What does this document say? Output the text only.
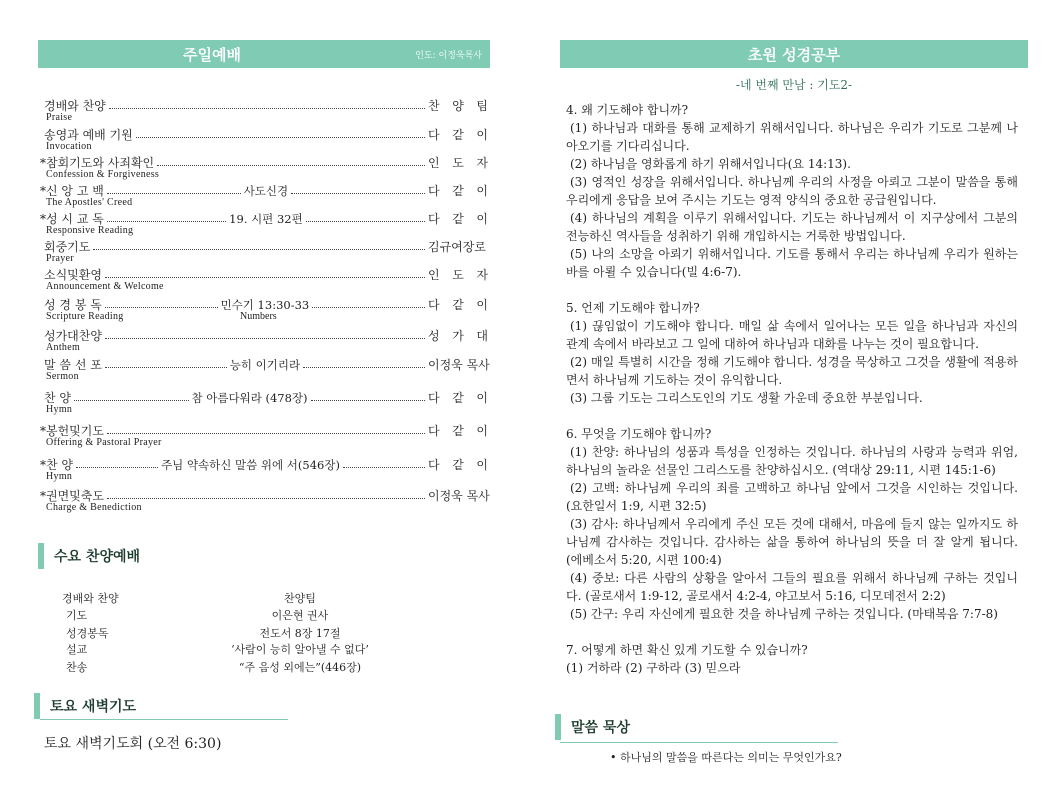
주일예배	인도: 이정욱목사
경배와 찬양	찬 양 팀
Praise
송영과 예배 기원	다 같 이
Invocation
*참회기도와 사죄확인	인 도 자
Confession & Forgiveness
*신 앙 고 백	사도신경	다 같 이
The Apostles' Creed
*성 시 교 독	19. 시편 32편	다 같 이
Responsive Reading
회중기도	김규여장로
Prayer
소식및환영	인 도 자
Announcement & Welcome
성 경 봉 독	민수기 13:30-33	다 같 이
Scripture Reading	Numbers
성가대찬양	성 가 대
Anthem
말 씀 선 포	능히 이기리라	이정욱 목사
Sermon
찬 양	참 아름다워라 (478장)	다 같 이
Hymn
*봉헌및기도	다 같 이
Offering & Pastoral Prayer
*찬 양	주님 약속하신 말씀 위에 서(546장)	다 같 이
Hymn
*권면및축도	이정욱 목사
Charge & Benediction
수요 찬양예배
경배와 찬양	찬양팀
기도	이은현 권사
성경봉독	전도서 8장 17절
설교	‘사람이 능히 알아낼 수 없다’
찬송	“주 음성 외에는”(446장)
토요 새벽기도
토요 새벽기도회 (오전 6:30)
초원 성경공부
-네 번째 만남 : 기도2-

4. 왜 기도해야 합니까?

(1) 하나님과 대화를 통해 교제하기 위해서입니다. 하나님은 우리가 기도로 그분께 나아오기를 기다리십니다.

(2) 하나님을 영화롭게 하기 위해서입니다(요 14:13).

(3) 영적인 성장을 위해서입니다. 하나님께 우리의 사정을 아뢰고 그분이 말씀을 통해 우리에게 응답을 보여 주시는 기도는 영적 양식의 중요한 공급원입니다.

(4) 하나님의 계획을 이루기 위해서입니다. 기도는 하나님께서 이 지구상에서 그분의 전능하신 역사들을 성취하기 위해 개입하시는 거룩한 방법입니다.

(5) 나의 소망을 아뢰기 위해서입니다. 기도를 통해서 우리는 하나님께 우리가 원하는 바를 아뢸 수 있습니다(빌 4:6-7).

5. 언제 기도해야 합니까?

(1) 끊임없이 기도해야 합니다. 매일 삶 속에서 일어나는 모든 일을 하나님과 자신의 관계 속에서 바라보고 그 일에 대하여 하나님과 대화를 나누는 것이 필요합니다.

(2) 매일 특별히 시간을 정해 기도해야 합니다. 성경을 묵상하고 그것을 생활에 적용하면서 하나님께 기도하는 것이 유익합니다.

(3) 그룹 기도는 그리스도인의 기도 생활 가운데 중요한 부분입니다.

6. 무엇을 기도해야 합니까?

(1) 찬양: 하나님의 성품과 특성을 인정하는 것입니다. 하나님의 사랑과 능력과 위엄, 하나님의 놀라운 선물인 그리스도를 찬양하십시오. (역대상 29:11, 시편 145:1-6)

(2) 고백: 하나님께 우리의 죄를 고백하고 하나님 앞에서 그것을 시인하는 것입니다. (요한일서 1:9, 시편 32:5)

(3) 감사: 하나님께서 우리에게 주신 모든 것에 대해서, 마음에 들지 않는 일까지도 하나님께 감사하는 것입니다. 감사하는 삶을 통하여 하나님의 뜻을 더 잘 알게 됩니다. (에베소서 5:20, 시편 100:4)

(4) 중보: 다른 사람의 상황을 알아서 그들의 필요를 위해서 하나님께 구하는 것입니다. (골로새서 1:9-12, 골로새서 4:2-4, 야고보서 5:16, 디모데전서 2:2)

(5) 간구: 우리 자신에게 필요한 것을 하나님께 구하는 것입니다. (마태복음 7:7-8)

7. 어떻게 하면 확신 있게 기도할 수 있습니까?

(1) 거하라 (2) 구하라 (3) 믿으라

말씀 묵상
• 하나님의 말씀을 따른다는 의미는 무엇인가요?
